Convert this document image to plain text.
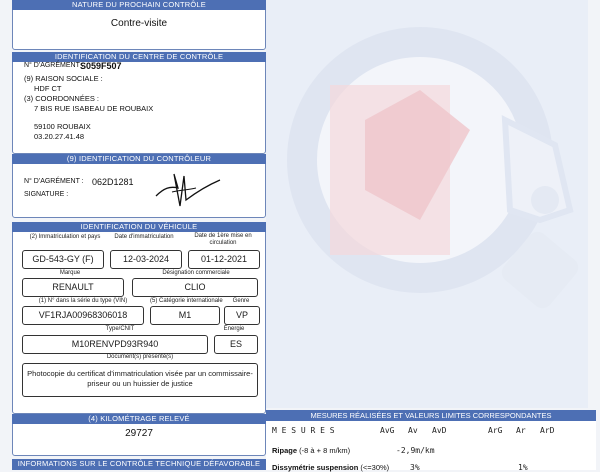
NATURE DU PROCHAIN CONTRÔLE
Contre-visite
IDENTIFICATION DU CENTRE DE CONTRÔLE
N° D'AGRÉMENT :
S059F507
(9) RAISON SOCIALE :
HDF CT
(3) COORDONNÉES :
7 BIS RUE ISABEAU DE ROUBAIX
59100 ROUBAIX
03.20.27.41.48
(9) IDENTIFICATION DU CONTRÔLEUR
N° D'AGRÉMENT : 062D1281
SIGNATURE :
IDENTIFICATION DU VÉHICULE
(2) Immatriculation et pays	Date d'immatriculation	Date de 1ère mise en circulation
GD-543-GY (F)	12-03-2024	01-12-2021
Marque	Désignation commerciale
RENAULT	CLIO
(1) N° dans la série du type (VIN)	(5) Catégorie internationale	Genre
VF1RJA00968306018	M1	VP
Type/CNIT	Énergie
M10RENVPD93R940	ES
Document(s) présenté(s)
Photocopie du certificat d'immatriculation visée par un commissaire-priseur ou un huissier de justice
(4) KILOMÉTRAGE RELEVÉ
29727
INFORMATIONS SUR LE CONTRÔLE TECHNIQUE DÉFAVORABLE
MESURES RÉALISÉES ET VALEURS LIMITES CORRESPONDANTES
M E S U R E S	AvG Av AvD	ArG Ar ArD
Ripage (-8 à + 8 m/km)	-2,9m/km
Dissymétrie suspension (<=30%)	3%	1%
